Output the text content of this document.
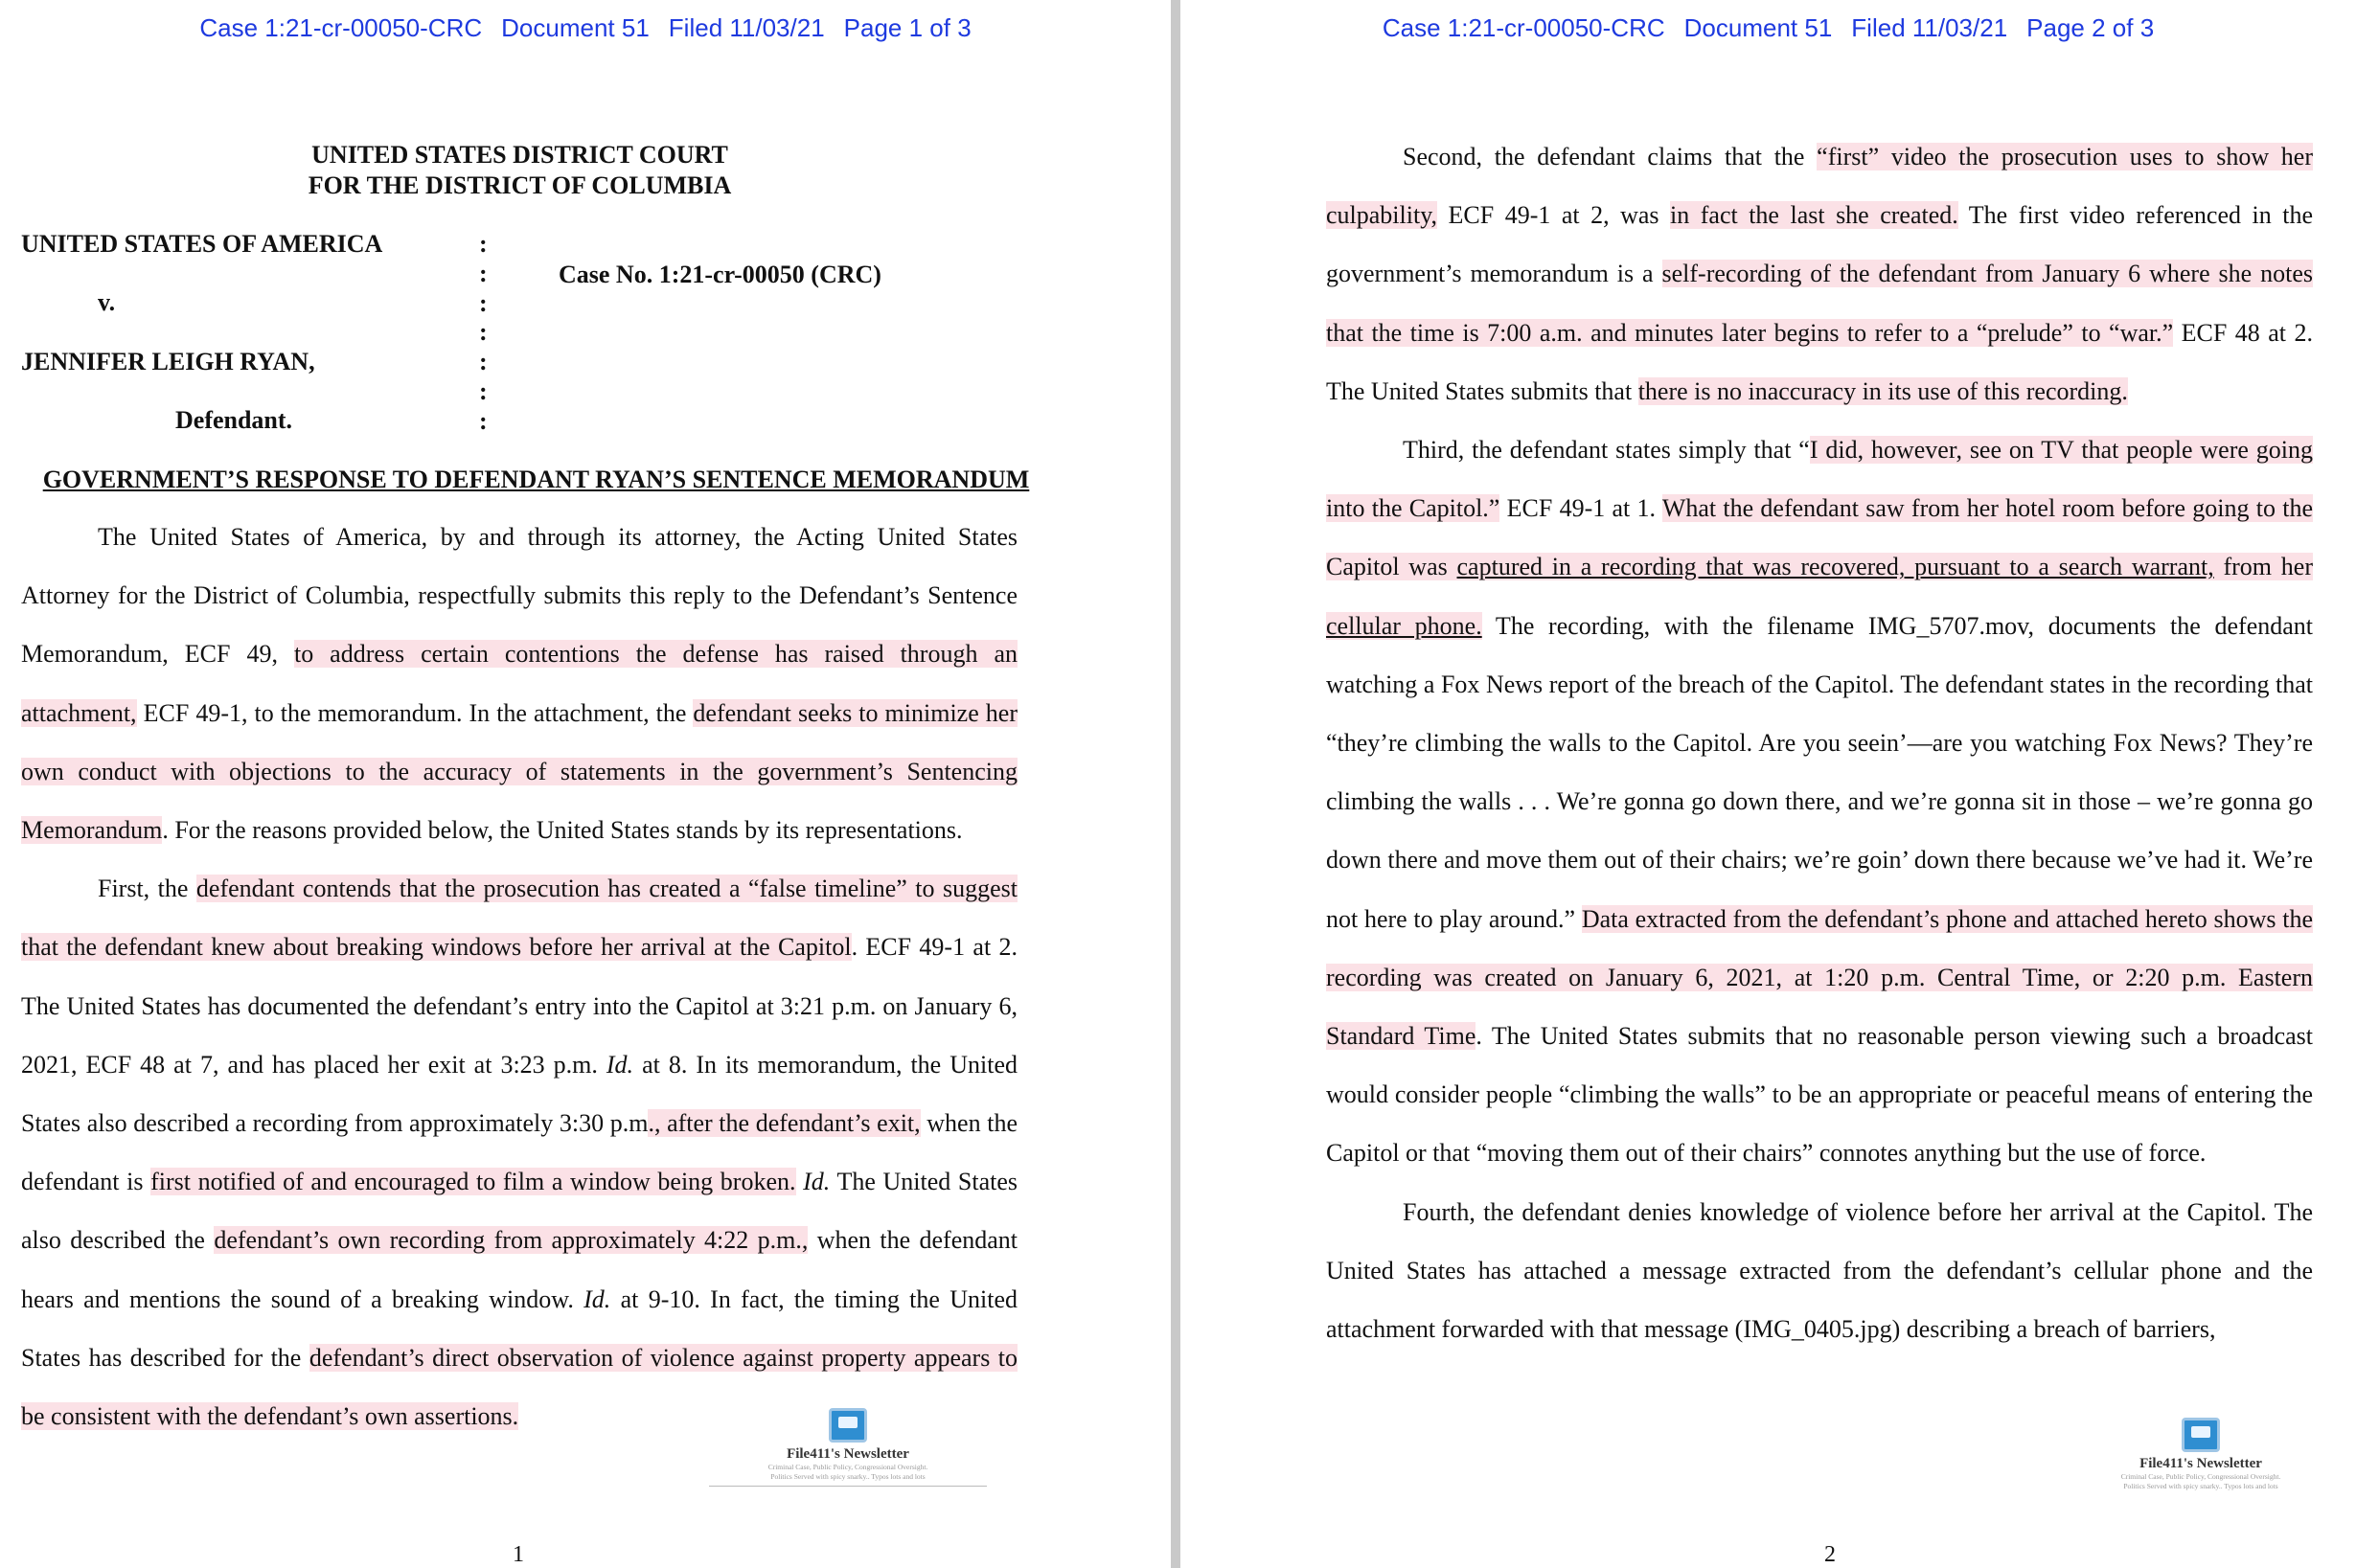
Case 1:21-cr-00050-CRC Document 51 Filed 11/03/21 Page 1 of 3
UNITED STATES DISTRICT COURT
FOR THE DISTRICT OF COLUMBIA
UNITED STATES OF AMERICA
v.
JENNIFER LEIGH RYAN,
Defendant.
Case No. 1:21-cr-00050 (CRC)
:
:
:
:
:
:
:
GOVERNMENT’S RESPONSE TO DEFENDANT RYAN’S SENTENCE MEMORANDUM

The United States of America, by and through its attorney, the Acting United States Attorney for the District of Columbia, respectfully submits this reply to the Defendant’s Sentence Memorandum, ECF 49, to address certain contentions the defense has raised through an attachment, ECF 49-1, to the memorandum. In the attachment, the defendant seeks to minimize her own conduct with objections to the accuracy of statements in the government’s Sentencing Memorandum. For the reasons provided below, the United States stands by its representations.

First, the defendant contends that the prosecution has created a “false timeline” to suggest that the defendant knew about breaking windows before her arrival at the Capitol. ECF 49-1 at 2. The United States has documented the defendant’s entry into the Capitol at 3:21 p.m. on January 6, 2021, ECF 48 at 7, and has placed her exit at 3:23 p.m. Id. at 8. In its memorandum, the United States also described a recording from approximately 3:30 p.m., after the defendant’s exit, when the defendant is first notified of and encouraged to film a window being broken. Id. The United States also described the defendant’s own recording from approximately 4:22 p.m., when the defendant hears and mentions the sound of a breaking window. Id. at 9-10. In fact, the timing the United States has described for the defendant’s direct observation of violence against property appears to be consistent with the defendant’s own assertions.

File411's Newsletter
Criminal Case, Public Policy, Congressional Oversight.
Politics Served with spicy snarky.. Typos lots and lots
1
Case 1:21-cr-00050-CRC Document 51 Filed 11/03/21 Page 2 of 3

Second, the defendant claims that the “first” video the prosecution uses to show her culpability, ECF 49-1 at 2, was in fact the last she created. The first video referenced in the government’s memorandum is a self-recording of the defendant from January 6 where she notes that the time is 7:00 a.m. and minutes later begins to refer to a “prelude” to “war.” ECF 48 at 2. The United States submits that there is no inaccuracy in its use of this recording.

Third, the defendant states simply that “I did, however, see on TV that people were going into the Capitol.” ECF 49-1 at 1. What the defendant saw from her hotel room before going to the Capitol was captured in a recording that was recovered, pursuant to a search warrant, from her cellular phone. The recording, with the filename IMG_5707.mov, documents the defendant watching a Fox News report of the breach of the Capitol. The defendant states in the recording that “they’re climbing the walls to the Capitol. Are you seein’—are you watching Fox News? They’re climbing the walls . . . We’re gonna go down there, and we’re gonna sit in those – we’re gonna go down there and move them out of their chairs; we’re goin’ down there because we’ve had it. We’re not here to play around.” Data extracted from the defendant’s phone and attached hereto shows the recording was created on January 6, 2021, at 1:20 p.m. Central Time, or 2:20 p.m. Eastern Standard Time. The United States submits that no reasonable person viewing such a broadcast would consider people “climbing the walls” to be an appropriate or peaceful means of entering the Capitol or that “moving them out of their chairs” connotes anything but the use of force.

Fourth, the defendant denies knowledge of violence before her arrival at the Capitol. The United States has attached a message extracted from the defendant’s cellular phone and the attachment forwarded with that message (IMG_0405.jpg) describing a breach of barriers,

File411's Newsletter
Criminal Case, Public Policy, Congressional Oversight.
Politics Served with spicy snarky.. Typos lots and lots
2
